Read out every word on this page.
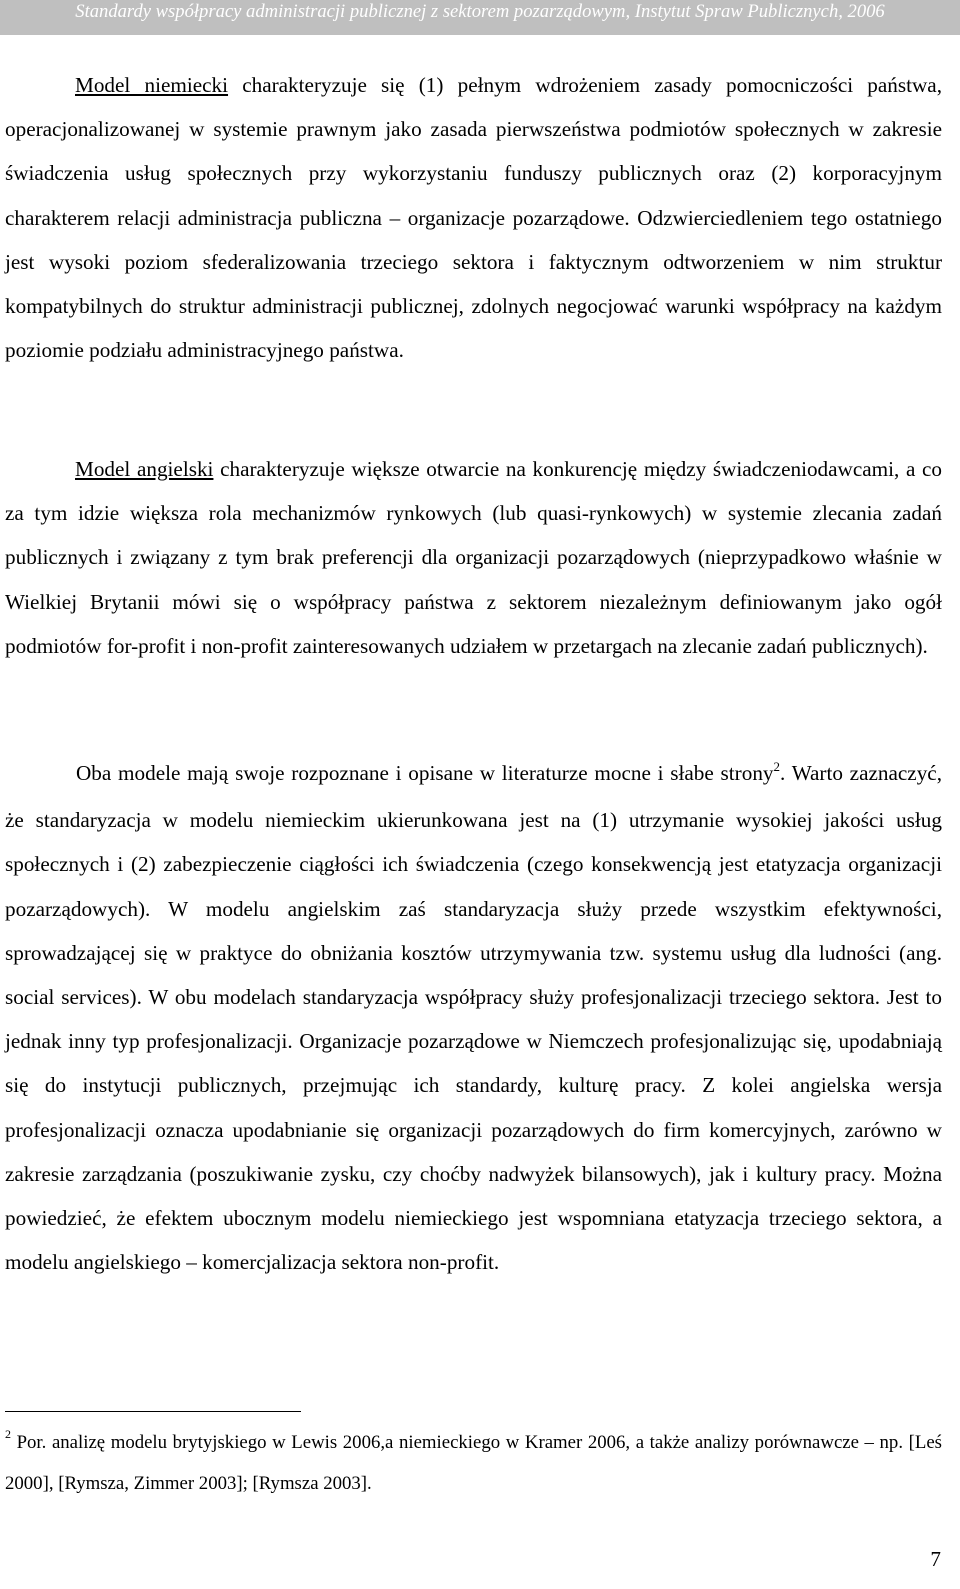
Standardy współpracy administracji publicznej z sektorem pozarządowym, Instytut Spraw Publicznych, 2006

Model niemiecki charakteryzuje się (1) pełnym wdrożeniem zasady pomocniczości państwa, operacjonalizowanej w systemie prawnym jako zasada pierwszeństwa podmiotów społecznych w zakresie świadczenia usług społecznych przy wykorzystaniu funduszy publicznych oraz (2) korporacyjnym charakterem relacji administracja publiczna – organizacje pozarządowe. Odzwierciedleniem tego ostatniego jest wysoki poziom sfederalizowania trzeciego sektora i faktycznym odtworzeniem w nim struktur kompatybilnych do struktur administracji publicznej, zdolnych negocjować warunki współpracy na każdym poziomie podziału administracyjnego państwa.

Model angielski charakteryzuje większe otwarcie na konkurencję między świadczeniodawcami, a co za tym idzie większa rola mechanizmów rynkowych (lub quasi-rynkowych) w systemie zlecania zadań publicznych i związany z tym brak preferencji dla organizacji pozarządowych (nieprzypadkowo właśnie w Wielkiej Brytanii mówi się o współpracy państwa z sektorem niezależnym definiowanym jako ogół podmiotów for-profit i non-profit zainteresowanych udziałem w przetargach na zlecanie zadań publicznych).

Oba modele mają swoje rozpoznane i opisane w literaturze mocne i słabe strony$^2$. Warto zaznaczyć, że standaryzacja w modelu niemieckim ukierunkowana jest na (1) utrzymanie wysokiej jakości usług społecznych i (2) zabezpieczenie ciągłości ich świadczenia (czego konsekwencją jest etatyzacja organizacji pozarządowych). W modelu angielskim zaś standaryzacja służy przede wszystkim efektywności, sprowadzającej się w praktyce do obniżania kosztów utrzymywania tzw. systemu usług dla ludności (ang. social services). W obu modelach standaryzacja współpracy służy profesjonalizacji trzeciego sektora. Jest to jednak inny typ profesjonalizacji. Organizacje pozarządowe w Niemczech profesjonalizując się, upodabniają się do instytucji publicznych, przejmując ich standardy, kulturę pracy. Z kolei angielska wersja profesjonalizacji oznacza upodabnianie się organizacji pozarządowych do firm komercyjnych, zarówno w zakresie zarządzania (poszukiwanie zysku, czy choćby nadwyżek bilansowych), jak i kultury pracy. Można powiedzieć, że efektem ubocznym modelu niemieckiego jest wspomniana etatyzacja trzeciego sektora, a modelu angielskiego – komercjalizacja sektora non-profit.

$^2$ Por. analizę modelu brytyjskiego w Lewis 2006,a niemieckiego w Kramer 2006, a także analizy porównawcze – np. [Leś 2000], [Rymsza, Zimmer 2003]; [Rymsza 2003].

7
